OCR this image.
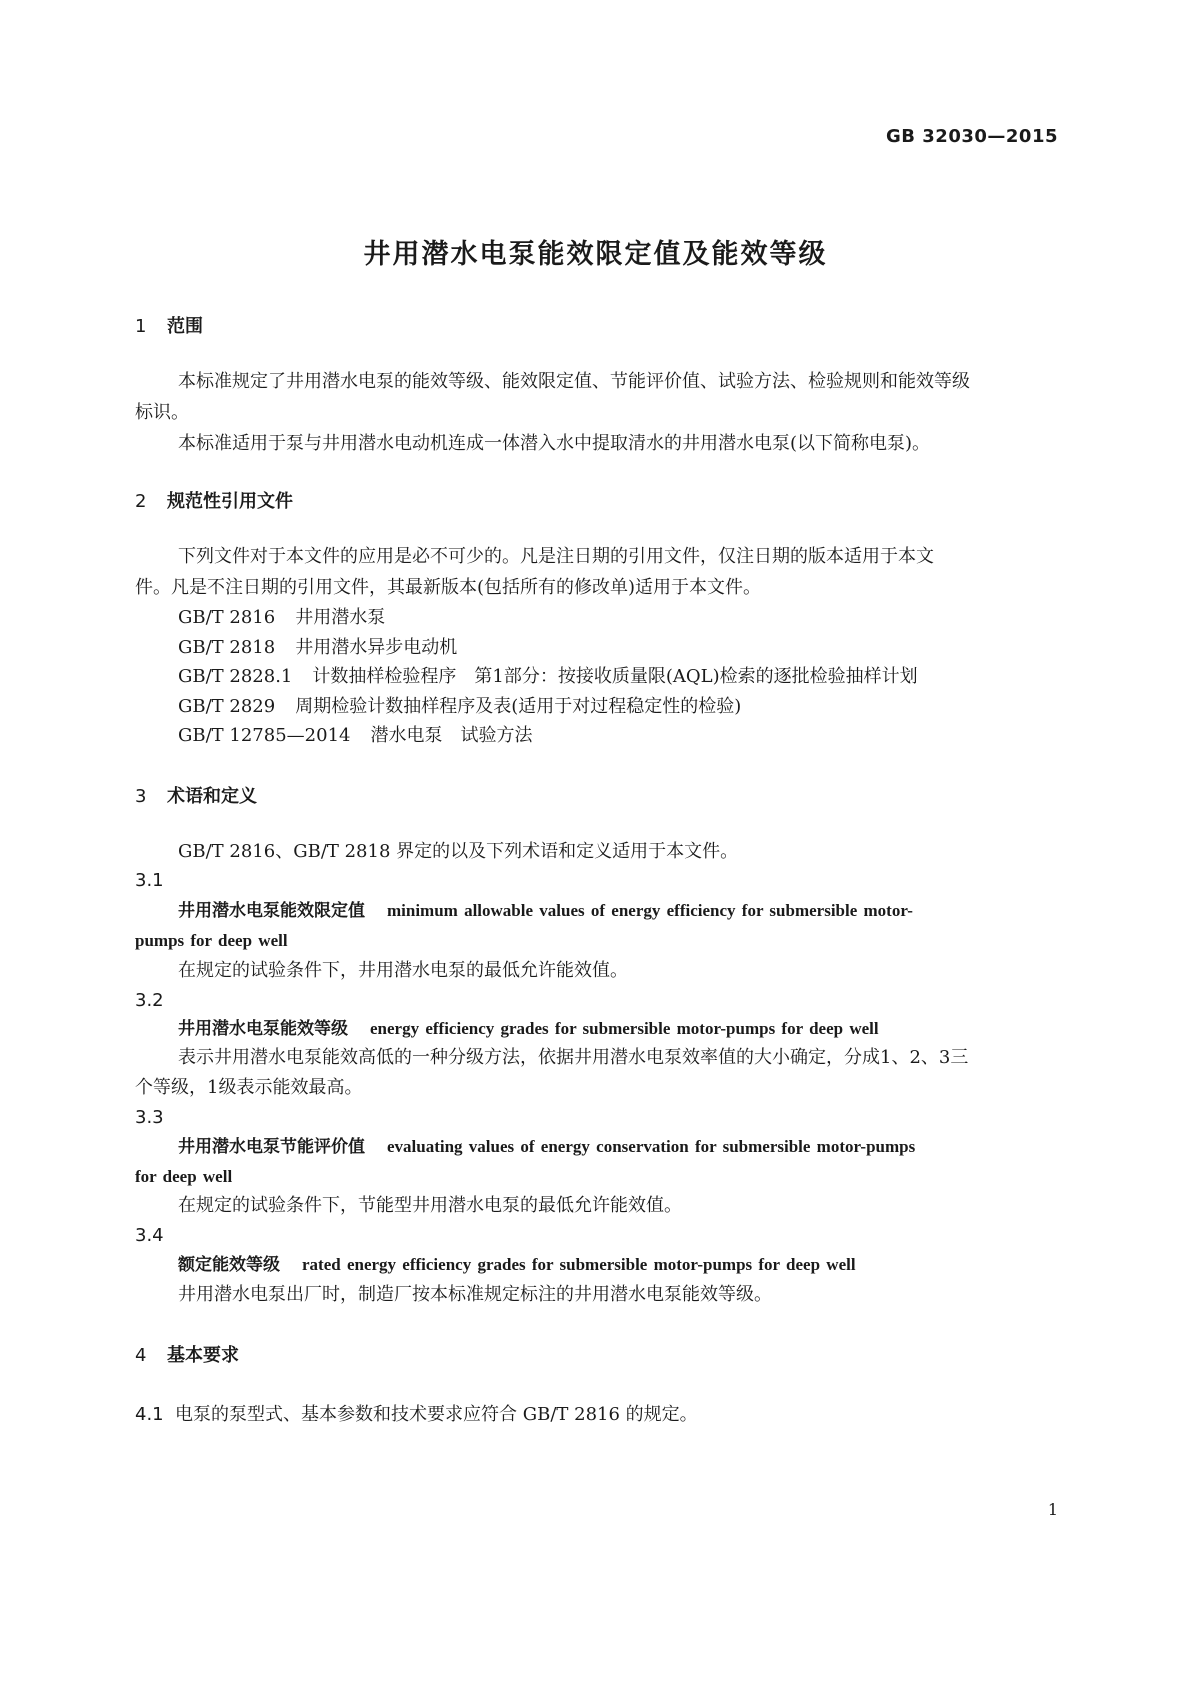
GB 32030—2015
井用潜水电泵能效限定值及能效等级
1 范围
本标准规定了井用潜水电泵的能效等级、能效限定值、节能评价值、试验方法、检验规则和能效等级
标识。
本标准适用于泵与井用潜水电动机连成一体潜入水中提取清水的井用潜水电泵(以下简称电泵)。
2 规范性引用文件
下列文件对于本文件的应用是必不可少的。凡是注日期的引用文件，仅注日期的版本适用于本文
件。凡是不注日期的引用文件，其最新版本(包括所有的修改单)适用于本文件。
GB/T 2816 井用潜水泵
GB/T 2818 井用潜水异步电动机
GB/T 2828.1 计数抽样检验程序　第1部分：按接收质量限(AQL)检索的逐批检验抽样计划
GB/T 2829 周期检验计数抽样程序及表(适用于对过程稳定性的检验)
GB/T 12785—2014 潜水电泵　试验方法
3 术语和定义
GB/T 2816、GB/T 2818 界定的以及下列术语和定义适用于本文件。
3.1
井用潜水电泵能效限定值 minimum allowable values of energy efficiency for submersible motor-
pumps for deep well
在规定的试验条件下，井用潜水电泵的最低允许能效值。
3.2
井用潜水电泵能效等级 energy efficiency grades for submersible motor-pumps for deep well
表示井用潜水电泵能效高低的一种分级方法，依据井用潜水电泵效率值的大小确定，分成1、2、3三
个等级，1级表示能效最高。
3.3
井用潜水电泵节能评价值 evaluating values of energy conservation for submersible motor-pumps
for deep well
在规定的试验条件下，节能型井用潜水电泵的最低允许能效值。
3.4
额定能效等级 rated energy efficiency grades for submersible motor-pumps for deep well
井用潜水电泵出厂时，制造厂按本标准规定标注的井用潜水电泵能效等级。
4 基本要求
4.1 电泵的泵型式、基本参数和技术要求应符合 GB/T 2816 的规定。
1
